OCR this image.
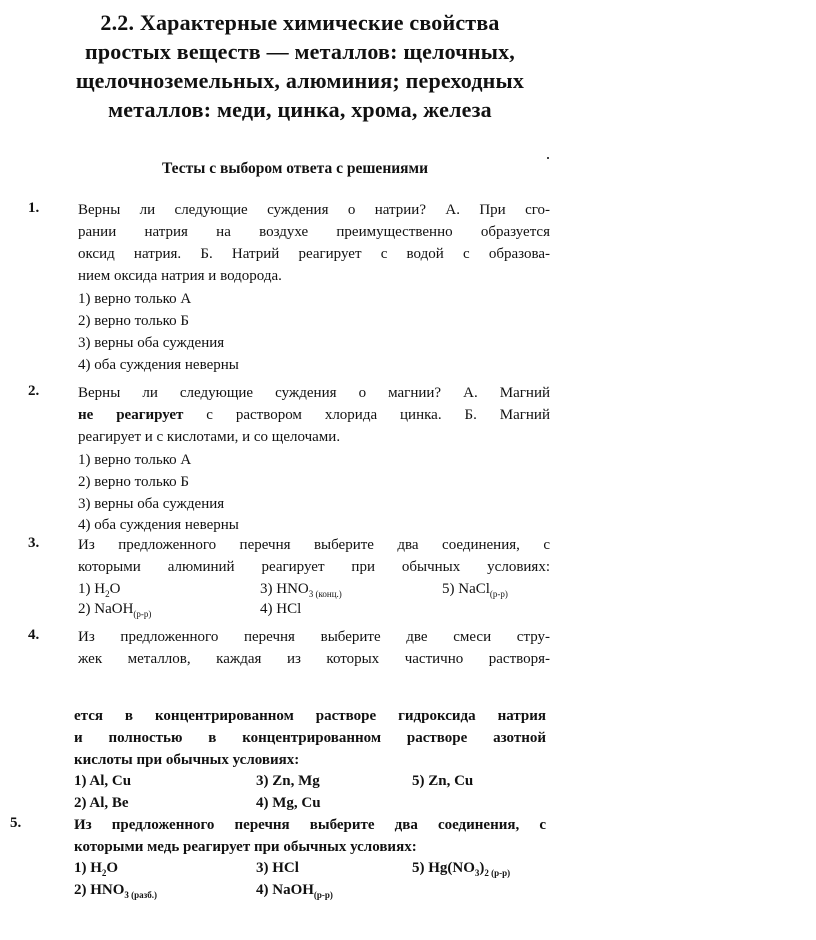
2.2. Характерные химические свойства
простых веществ — металлов: щелочных,
щелочноземельных, алюминия; переходных
металлов: меди, цинка, хрома, железа
Тесты с выбором ответа с решениями
1.	Верны ли следующие суждения о натрии? А. При сго-
рании натрия на воздухе преимущественно образуется
оксид натрия. Б. Натрий реагирует с водой с образова-
нием оксида натрия и водорода.
1) верно только А
2) верно только Б
3) верны оба суждения
4) оба суждения неверны
2.	Верны ли следующие суждения о магнии? А. Магний
не реагирует с раствором хлорида цинка. Б. Магний
реагирует и с кислотами, и со щелочами.
1) верно только А
2) верно только Б
3) верны оба суждения
4) оба суждения неверны
3.	Из предложенного перечня выберите два соединения, с
которыми алюминий реагирует при обычных условиях:
1) $H_2O$	3) $HNO_{3 (конц.)}$	5) NaCl$_{(р-р)}$
2) NaOH$_{(р-р)}$	4) HCl
4.	Из предложенного перечня выберите две смеси стру-
жек металлов, каждая из которых частично растворя-
ется в концентрированном растворе гидроксида натрия
и полностью в концентрированном растворе азотной
кислоты при обычных условиях:
1) Al, Cu	3) Zn, Mg	5) Zn, Cu
2) Al, Be	4) Mg, Cu
5.	Из предложенного перечня выберите два соединения, с
которыми медь реагирует при обычных условиях:
1) $H_2O$	3) HCl	5) $Hg(NO_3)_{2 (р-р)}$
2) $HNO_{3 (разб.)}$	4) NaOH$_{(р-р)}$
